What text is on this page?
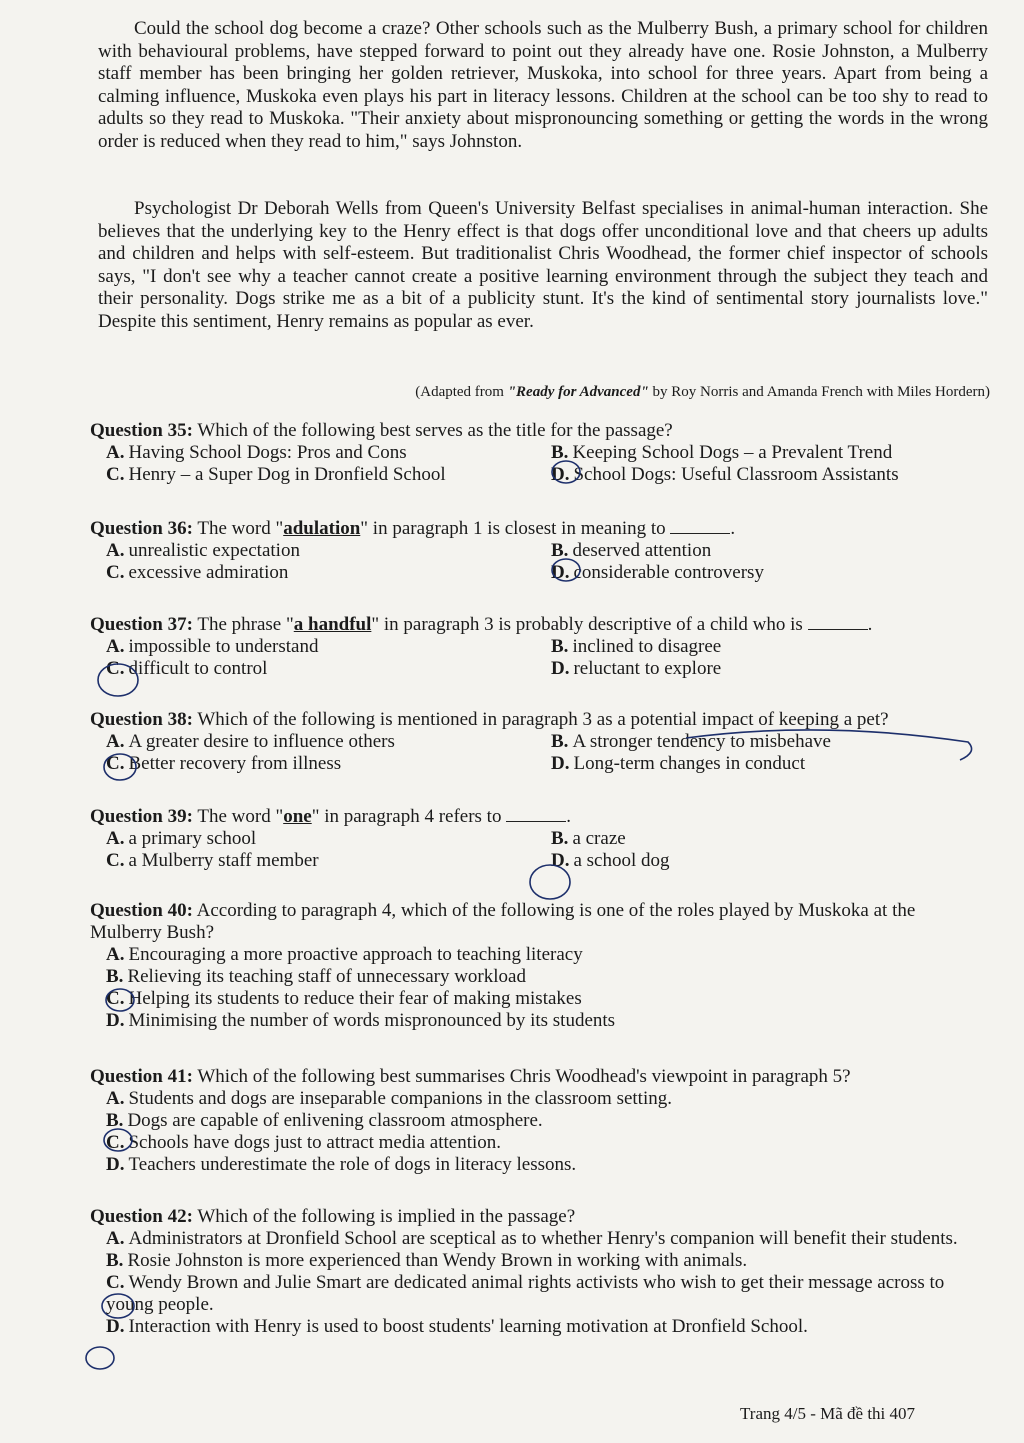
Could the school dog become a craze? Other schools such as the Mulberry Bush, a primary school for children with behavioural problems, have stepped forward to point out they already have one. Rosie Johnston, a Mulberry staff member has been bringing her golden retriever, Muskoka, into school for three years. Apart from being a calming influence, Muskoka even plays his part in literacy lessons. Children at the school can be too shy to read to adults so they read to Muskoka. "Their anxiety about mispronouncing something or getting the words in the wrong order is reduced when they read to him," says Johnston.

Psychologist Dr Deborah Wells from Queen's University Belfast specialises in animal-human interaction. She believes that the underlying key to the Henry effect is that dogs offer unconditional love and that cheers up adults and children and helps with self-esteem. But traditionalist Chris Woodhead, the former chief inspector of schools says, "I don't see why a teacher cannot create a positive learning environment through the subject they teach and their personality. Dogs strike me as a bit of a publicity stunt. It's the kind of sentimental story journalists love." Despite this sentiment, Henry remains as popular as ever.

(Adapted from "Ready for Advanced" by Roy Norris and Amanda French with Miles Hordern)
Question 35: Which of the following best serves as the title for the passage?
A. Having School Dogs: Pros and Cons	B. Keeping School Dogs – a Prevalent Trend
C. Henry – a Super Dog in Dronfield School	D. School Dogs: Useful Classroom Assistants
Question 36: The word "adulation" in paragraph 1 is closest in meaning to	.
A. unrealistic expectation	B. deserved attention
C. excessive admiration	D. considerable controversy
Question 37: The phrase "a handful" in paragraph 3 is probably descriptive of a child who is	.
A. impossible to understand	B. inclined to disagree
C. difficult to control	D. reluctant to explore
Question 38: Which of the following is mentioned in paragraph 3 as a potential impact of keeping a pet?
A. A greater desire to influence others	B. A stronger tendency to misbehave
C. Better recovery from illness	D. Long-term changes in conduct
Question 39: The word "one" in paragraph 4 refers to	.
A. a primary school	B. a craze
C. a Mulberry staff member	D. a school dog
Question 40: According to paragraph 4, which of the following is one of the roles played by Muskoka at the Mulberry Bush?
A. Encouraging a more proactive approach to teaching literacy
B. Relieving its teaching staff of unnecessary workload
C. Helping its students to reduce their fear of making mistakes
D. Minimising the number of words mispronounced by its students
Question 41: Which of the following best summarises Chris Woodhead's viewpoint in paragraph 5?
A. Students and dogs are inseparable companions in the classroom setting.
B. Dogs are capable of enlivening classroom atmosphere.
C. Schools have dogs just to attract media attention.
D. Teachers underestimate the role of dogs in literacy lessons.
Question 42: Which of the following is implied in the passage?
A. Administrators at Dronfield School are sceptical as to whether Henry's companion will benefit their students.
B. Rosie Johnston is more experienced than Wendy Brown in working with animals.
C. Wendy Brown and Julie Smart are dedicated animal rights activists who wish to get their message across to young people.
D. Interaction with Henry is used to boost students' learning motivation at Dronfield School.
Trang 4/5 - Mã đề thi 407
